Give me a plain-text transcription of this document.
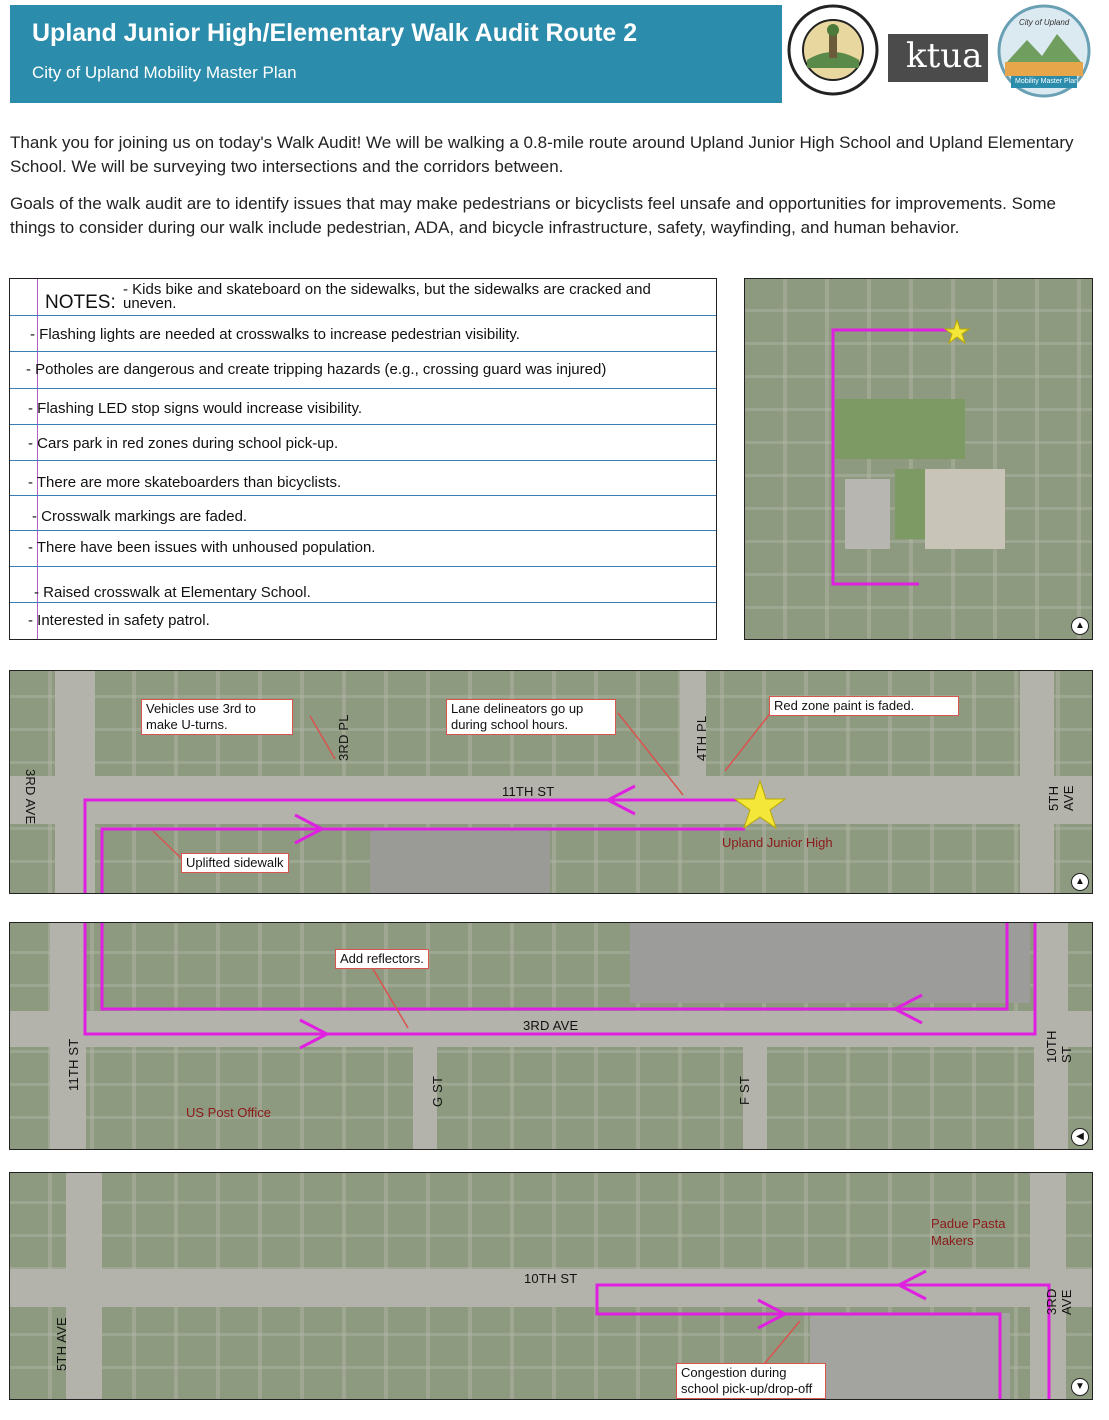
Upland Junior High/Elementary Walk Audit Route 2
City of Upland Mobility Master Plan	ktua
City of Upland
Mobility Master Plan
Thank you for joining us on today's Walk Audit! We will be walking a 0.8-mile route around Upland Junior High School and Upland Elementary School. We will be surveying two intersections and the corridors between.
Goals of the walk audit are to identify issues that may make pedestrians or bicyclists feel unsafe and opportunities for improvements. Some things to consider during our walk include pedestrian, ADA, and bicycle infrastructure, safety, wayfinding, and human behavior.
NOTES:
- Kids bike and skateboard on the sidewalks, but the sidewalks are cracked and uneven.
- Flashing lights are needed at crosswalks to increase pedestrian visibility.
- Potholes are dangerous and create tripping hazards (e.g., crossing guard was injured)
- Flashing LED stop signs would increase visibility.
- Cars park in red zones during school pick-up.
- There are more skateboarders than bicyclists.
- Crosswalk markings are faded.
- There have been issues with unhoused population.
- Raised crosswalk at Elementary School.
- Interested in safety patrol.	▲
Vehicles use 3rd to make U-turns.
Lane delineators go up during school hours.
Red zone paint is faded.
Uplifted sidewalk
3RD AVE
3RD PL	4TH PL
11TH ST	5TH AVE
Upland Junior High
▲
Add reflectors.
11TH ST
3RD AVE
G ST	F ST
10TH ST
US Post Office
◀
Congestion during school pick-up/drop-off
10TH ST
5TH AVE
3RD AVE
Padue Pasta Makers
▼
